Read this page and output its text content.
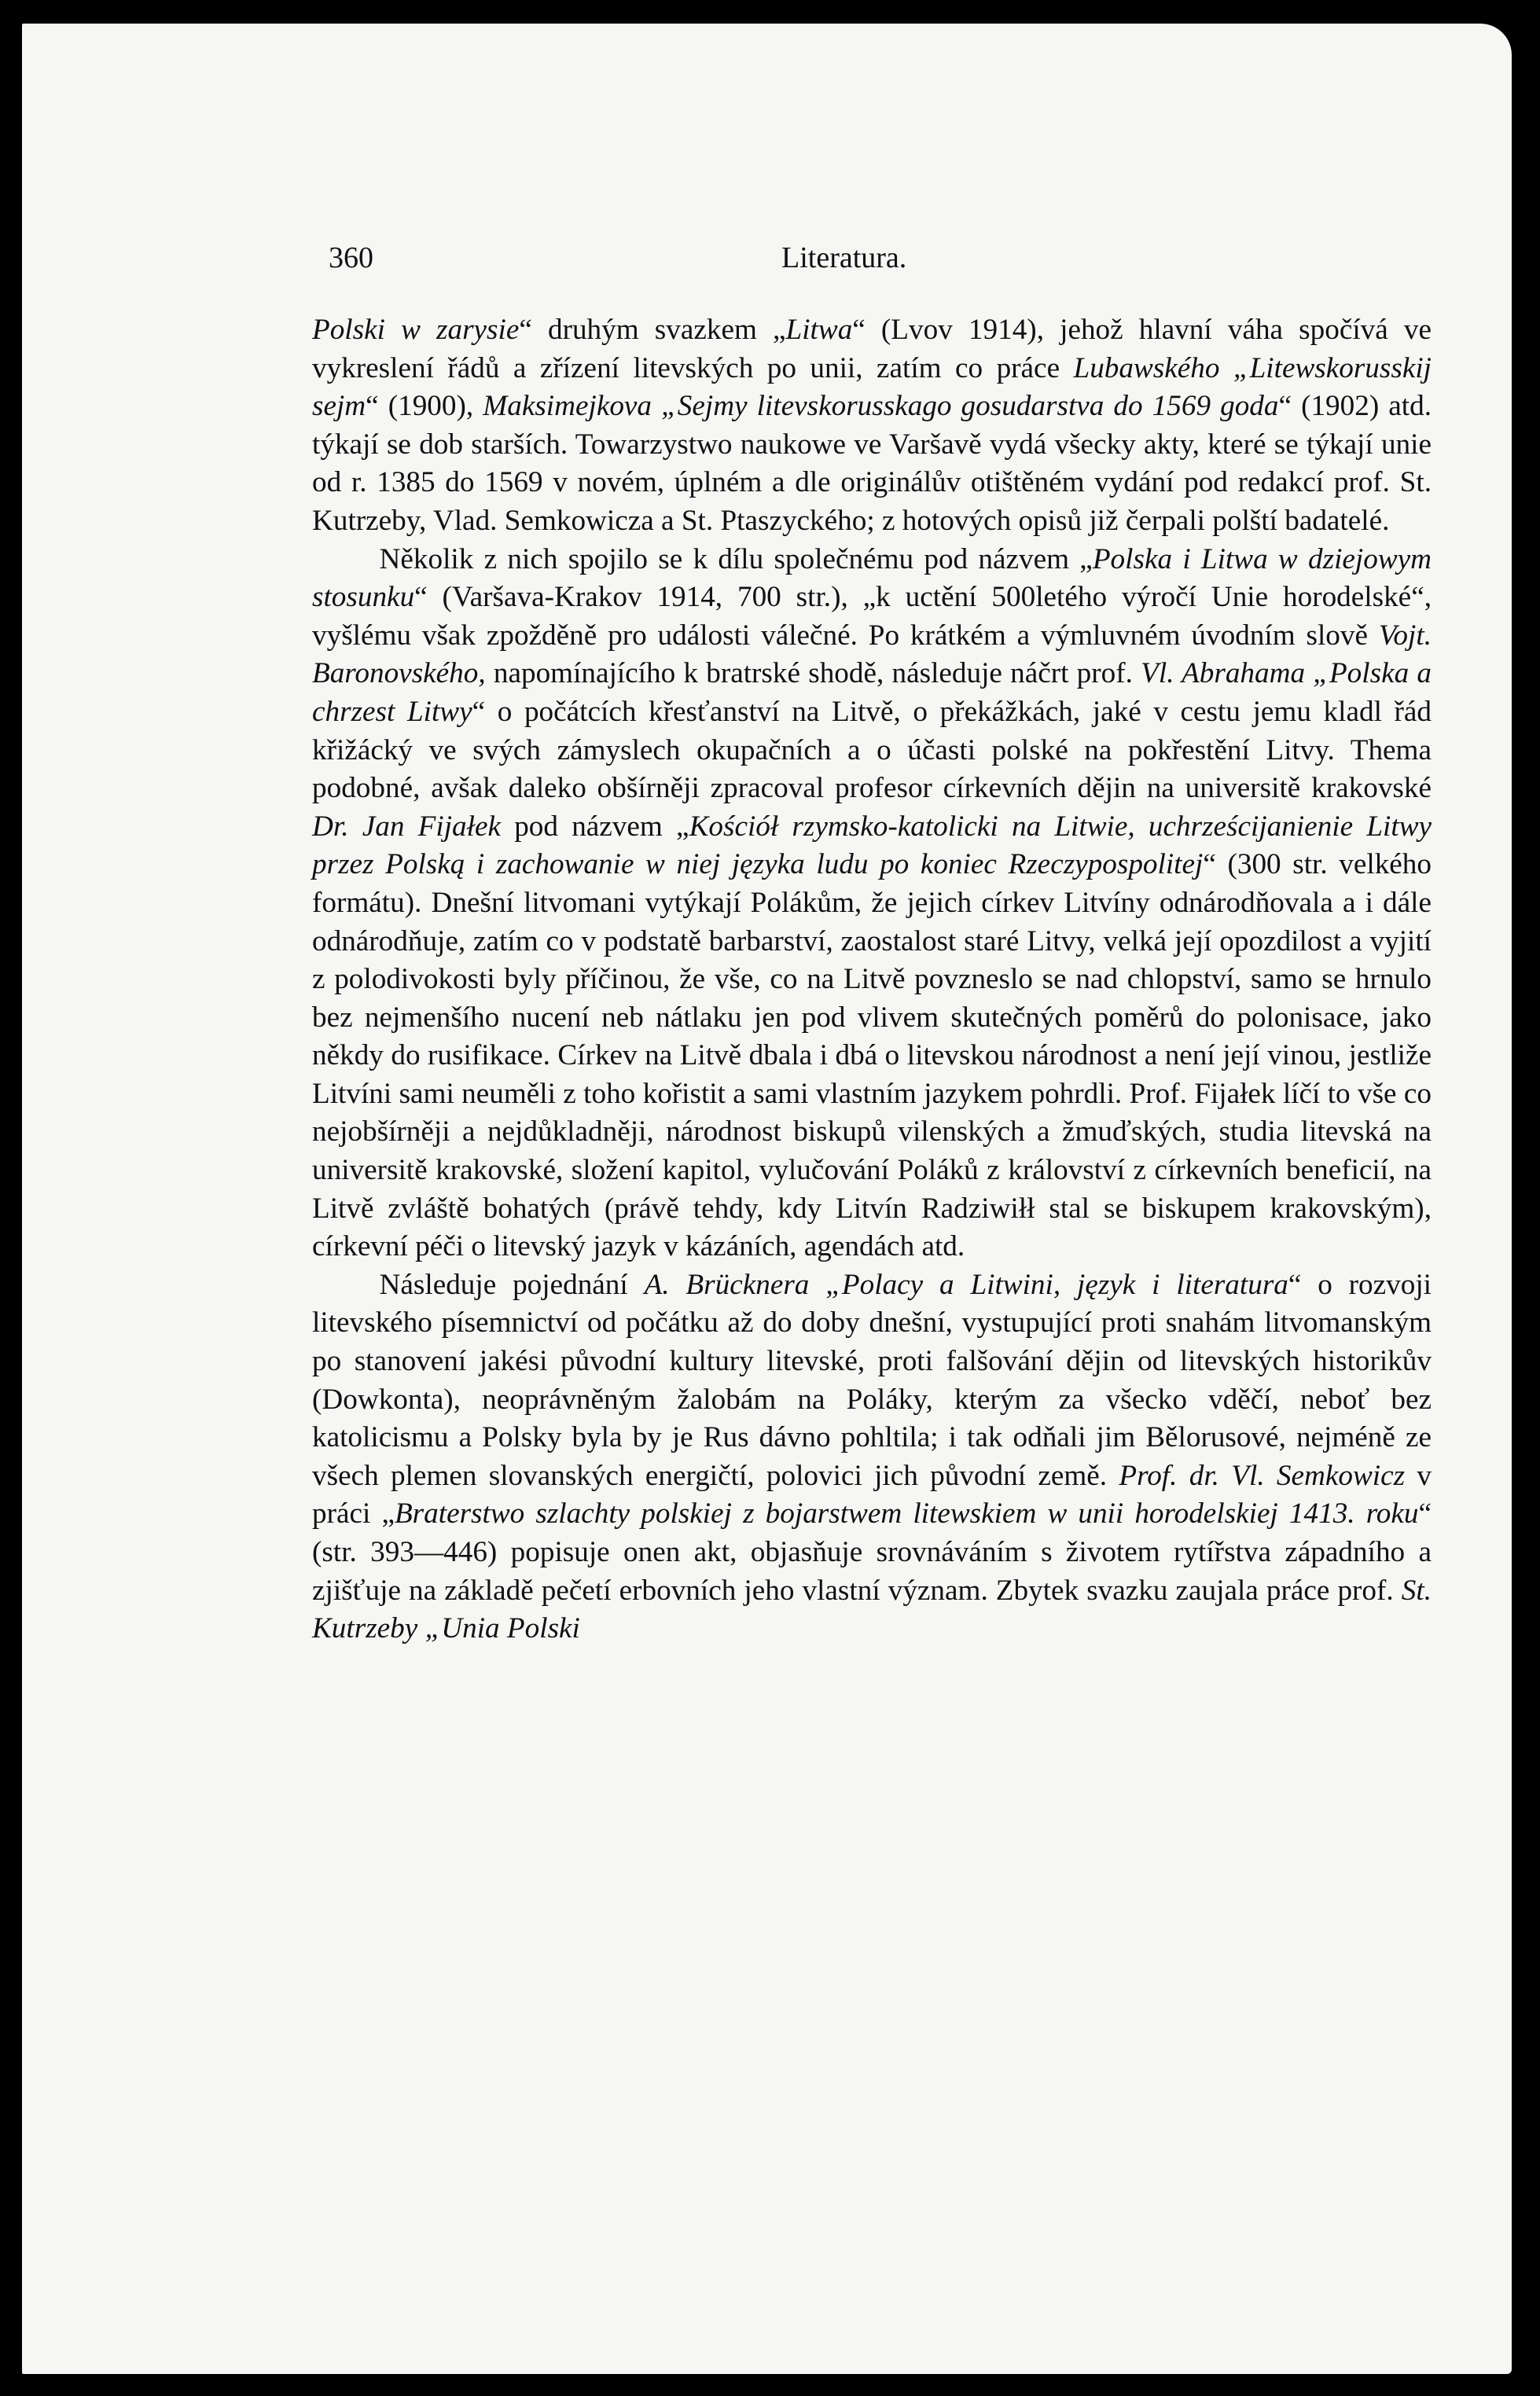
360	Literatura.

Polski w zarysie“ druhým svazkem „Litwa“ (Lvov 1914), jehož hlavní váha spočívá ve vykreslení řádů a zřízení litevských po unii, zatím co práce Lubawského „Litewskorusskij sejm“ (1900), Maksimejkova „Sejmy litevskorusskago gosudarstva do 1569 goda“ (1902) atd. týkají se dob starších. Towarzystwo naukowe ve Varšavě vydá všecky akty, které se týkají unie od r. 1385 do 1569 v novém, úplném a dle originálův otištěném vydání pod redakcí prof. St. Kutrzeby, Vlad. Semkowicza a St. Ptaszyckého; z hotových opisů již čerpali polští badatelé.

Několik z nich spojilo se k dílu společnému pod názvem „Polska i Litwa w dziejowym stosunku“ (Varšava-Krakov 1914, 700 str.), „k uctění 500letého výročí Unie horodelské“, vyšlému však zpožděně pro události válečné. Po krátkém a výmluvném úvodním slově Vojt. Baronovského, napomínajícího k bratrské shodě, následuje náčrt prof. Vl. Abrahama „Polska a chrzest Litwy“ o počátcích křesťanství na Litvě, o překážkách, jaké v cestu jemu kladl řád křižácký ve svých zámyslech okupačních a o účasti polské na pokřestění Litvy. Thema podobné, avšak daleko obšírněji zpracoval profesor církevních dějin na universitě krakovské Dr. Jan Fijałek pod názvem „Kościół rzymsko-katolicki na Litwie, uchrześcijanienie Litwy przez Polską i zachowanie w niej języka ludu po koniec Rzeczypospolitej“ (300 str. velkého formátu). Dnešní litvomani vytýkají Polákům, že jejich církev Litvíny odnárodňovala a i dále odnárodňuje, zatím co v podstatě barbarství, zaostalost staré Litvy, velká její opozdilost a vyjití z polodivokosti byly příčinou, že vše, co na Litvě povzneslo se nad chlopství, samo se hrnulo bez nejmenšího nucení neb nátlaku jen pod vlivem skutečných poměrů do polonisace, jako někdy do rusifikace. Církev na Litvě dbala i dbá o litevskou národnost a není její vinou, jestliže Litvíni sami neuměli z toho kořistit a sami vlastním jazykem pohrdli. Prof. Fijałek líčí to vše co nejobšírněji a nejdůkladněji, národnost biskupů vilenských a žmuďských, studia litevská na universitě krakovské, složení kapitol, vylučování Poláků z království z církevních beneficií, na Litvě zvláště bohatých (právě tehdy, kdy Litvín Radziwiłł stal se biskupem krakovským), církevní péči o litevský jazyk v kázáních, agendách atd.

Následuje pojednání A. Brücknera „Polacy a Litwini, język i literatura“ o rozvoji litevského písemnictví od počátku až do doby dnešní, vystupující proti snahám litvomanským po stanovení jakési původní kultury litevské, proti falšování dějin od litevských historikův (Dowkonta), neoprávněným žalobám na Poláky, kterým za všecko vděčí, neboť bez katolicismu a Polsky byla by je Rus dávno pohltila; i tak odňali jim Bělorusové, nejméně ze všech plemen slovanských energičtí, polovici jich původní země. Prof. dr. Vl. Semkowicz v práci „Braterstwo szlachty polskiej z bojarstwem litewskiem w unii horodelskiej 1413. roku“ (str. 393—446) popisuje onen akt, objasňuje srovnáváním s životem rytířstva západního a zjišťuje na základě pečetí erbovních jeho vlastní význam. Zbytek svazku zaujala práce prof. St. Kutrzeby „Unia Polski
